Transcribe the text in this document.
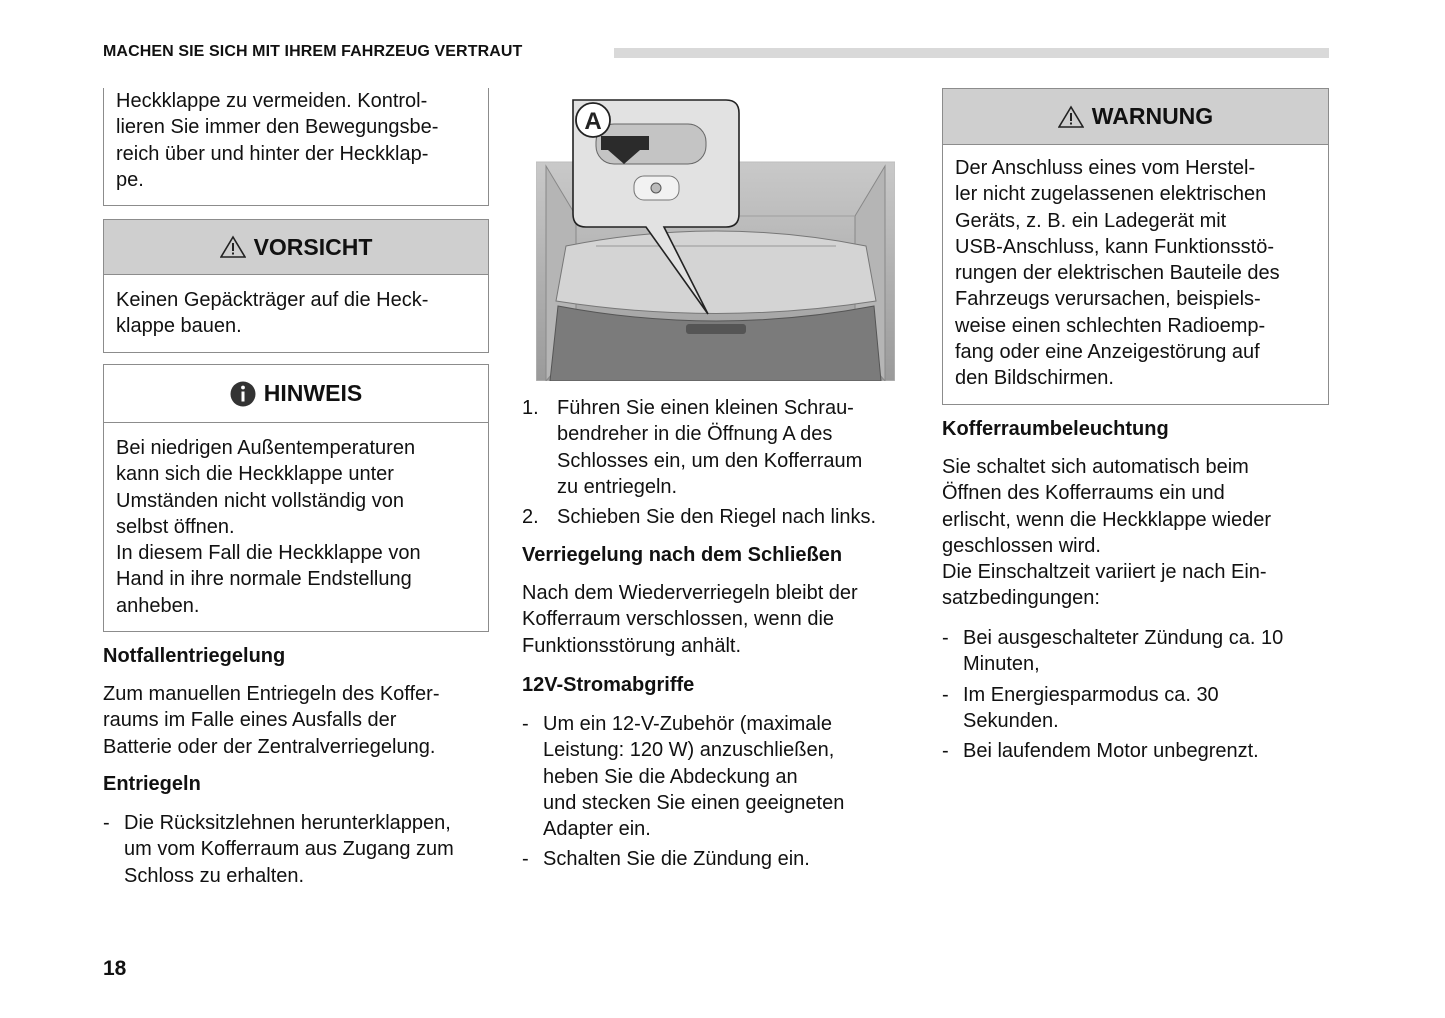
MACHEN SIE SICH MIT IHREM FAHRZEUG VERTRAUT

Heckklappe zu vermeiden. Kontrol-

lieren Sie immer den Bewegungsbe-

reich über und hinter der Heckklap-

pe.

VORSICHT

Keinen Gepäckträger auf die Heck-

klappe bauen.

HINWEIS

Bei niedrigen Außentemperaturen

kann sich die Heckklappe unter

Umständen nicht vollständig von

selbst öffnen.

In diesem Fall die Heckklappe von

Hand in ihre normale Endstellung

anheben.

Notfallentriegelung

Zum manuellen Entriegeln des Koffer-

raums im Falle eines Ausfalls der

Batterie oder der Zentralverriegelung.

Entriegeln

- Die Rücksitzlehnen herunterklappen,
um vom Kofferraum aus Zugang zum
Schloss zu erhalten.
A
1. Führen Sie einen kleinen Schrau-
bendreher in die Öffnung A des
Schlosses ein, um den Kofferraum
zu entriegeln.
2. Schieben Sie den Riegel nach links.

Verriegelung nach dem Schließen

Nach dem Wiederverriegeln bleibt der

Kofferraum verschlossen, wenn die

Funktionsstörung anhält.

12V-Stromabgriffe

- Um ein 12-V-Zubehör (maximale
Leistung: 120 W) anzuschließen,
heben Sie die Abdeckung an
und stecken Sie einen geeigneten
Adapter ein.
- Schalten Sie die Zündung ein.
WARNUNG

Der Anschluss eines vom Herstel-

ler nicht zugelassenen elektrischen

Geräts, z. B. ein Ladegerät mit

USB-Anschluss, kann Funktionsstö-

rungen der elektrischen Bauteile des

Fahrzeugs verursachen, beispiels-

weise einen schlechten Radioemp-

fang oder eine Anzeigestörung auf

den Bildschirmen.

Kofferraumbeleuchtung

Sie schaltet sich automatisch beim

Öffnen des Kofferraums ein und

erlischt, wenn die Heckklappe wieder

geschlossen wird.

Die Einschaltzeit variiert je nach Ein-

satzbedingungen:

- Bei ausgeschalteter Zündung ca. 10
Minuten,
- Im Energiesparmodus ca. 30
Sekunden.
- Bei laufendem Motor unbegrenzt.
18
